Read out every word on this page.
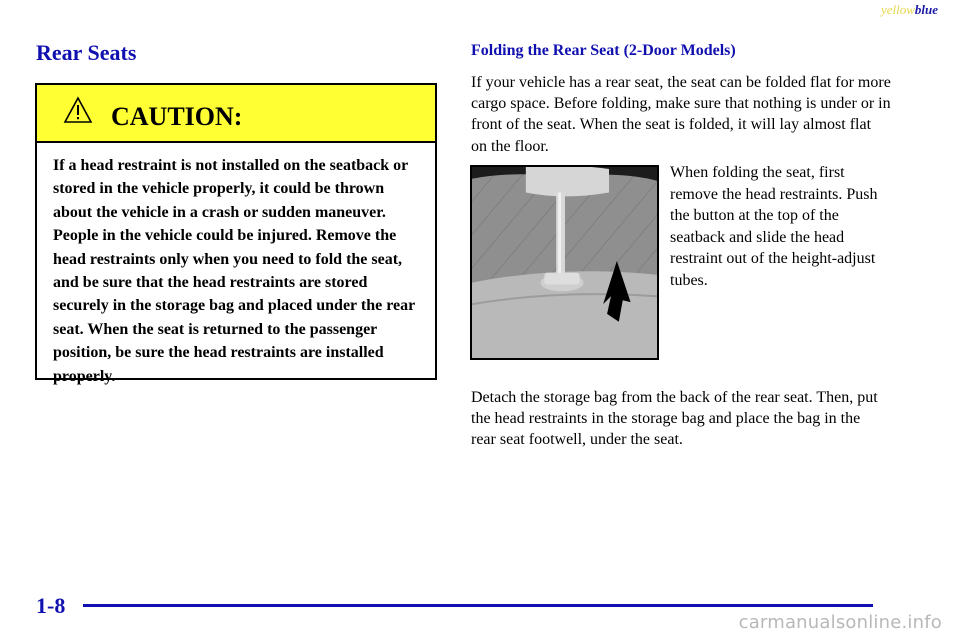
yellowblue
Rear Seats
CAUTION:
If a head restraint is not installed on the seatback or stored in the vehicle properly, it could be thrown about the vehicle in a crash or sudden maneuver. People in the vehicle could be injured. Remove the head restraints only when you need to fold the seat, and be sure that the head restraints are stored securely in the storage bag and placed under the rear seat. When the seat is returned to the passenger position, be sure the head restraints are installed properly.
Folding the Rear Seat (2-Door Models)

If your vehicle has a rear seat, the seat can be folded flat for more cargo space. Before folding, make sure that nothing is under or in front of the seat. When the seat is folded, it will lay almost flat on the floor.

When folding the seat, first remove the head restraints. Push the button at the top of the seatback and slide the head restraint out of the height-adjust tubes.

Detach the storage bag from the back of the rear seat. Then, put the head restraints in the storage bag and place the bag in the rear seat footwell, under the seat.

1-8
carmanualsonline.info
